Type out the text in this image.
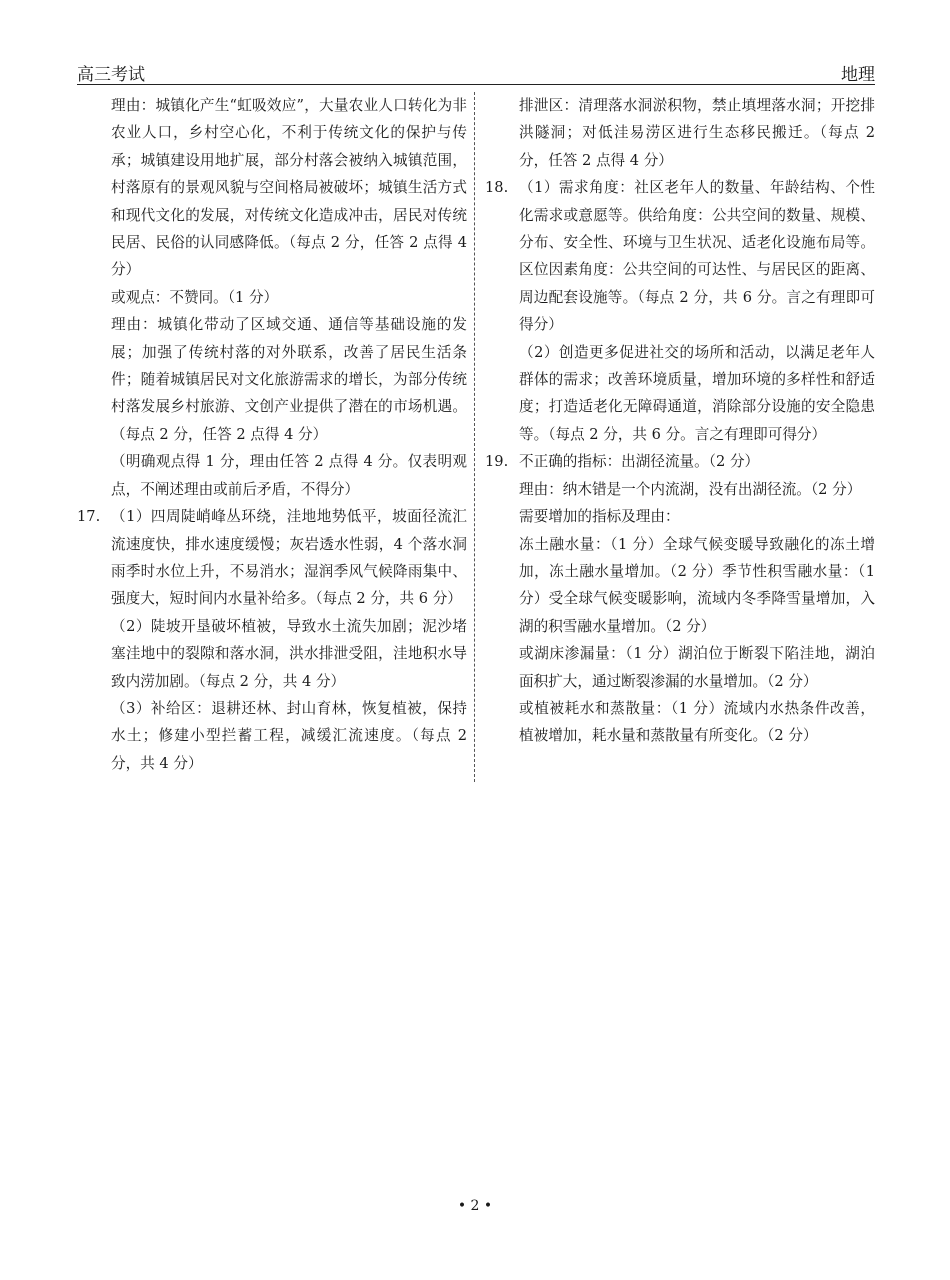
高三考试	地理

理由：城镇化产生“虹吸效应”，大量农业人口转化为非农业人口，乡村空心化，不利于传统文化的保护与传承；城镇建设用地扩展，部分村落会被纳入城镇范围，村落原有的景观风貌与空间格局被破坏；城镇生活方式和现代文化的发展，对传统文化造成冲击，居民对传统民居、民俗的认同感降低。（每点 2 分，任答 2 点得 4 分）

或观点：不赞同。（1 分）

理由：城镇化带动了区域交通、通信等基础设施的发展；加强了传统村落的对外联系，改善了居民生活条件；随着城镇居民对文化旅游需求的增长，为部分传统村落发展乡村旅游、文创产业提供了潜在的市场机遇。（每点 2 分，任答 2 点得 4 分）

（明确观点得 1 分，理由任答 2 点得 4 分。仅表明观点，不阐述理由或前后矛盾，不得分）

17. （1）四周陡峭峰丛环绕，洼地地势低平，坡面径流汇流速度快，排水速度缓慢；灰岩透水性弱，4 个落水洞雨季时水位上升，不易消水；湿润季风气候降雨集中、强度大，短时间内水量补给多。（每点 2 分，共 6 分）

（2）陡坡开垦破坏植被，导致水土流失加剧；泥沙堵塞洼地中的裂隙和落水洞，洪水排泄受阻，洼地积水导致内涝加剧。（每点 2 分，共 4 分）

（3）补给区：退耕还林、封山育林，恢复植被，保持水土；修建小型拦蓄工程，减缓汇流速度。（每点 2 分，共 4 分）

排泄区：清理落水洞淤积物，禁止填埋落水洞；开挖排洪隧洞；对低洼易涝区进行生态移民搬迁。（每点 2 分，任答 2 点得 4 分）

18. （1）需求角度：社区老年人的数量、年龄结构、个性化需求或意愿等。供给角度：公共空间的数量、规模、分布、安全性、环境与卫生状况、适老化设施布局等。区位因素角度：公共空间的可达性、与居民区的距离、周边配套设施等。（每点 2 分，共 6 分。言之有理即可得分）

（2）创造更多促进社交的场所和活动，以满足老年人群体的需求；改善环境质量，增加环境的多样性和舒适度；打造适老化无障碍通道，消除部分设施的安全隐患等。（每点 2 分，共 6 分。言之有理即可得分）

19. 不正确的指标：出湖径流量。（2 分）

理由：纳木错是一个内流湖，没有出湖径流。（2 分）

需要增加的指标及理由：

冻土融水量：（1 分）全球气候变暖导致融化的冻土增加，冻土融水量增加。（2 分）季节性积雪融水量：（1 分）受全球气候变暖影响，流域内冬季降雪量增加，入湖的积雪融水量增加。（2 分）

或湖床渗漏量：（1 分）湖泊位于断裂下陷洼地，湖泊面积扩大，通过断裂渗漏的水量增加。（2 分）

或植被耗水和蒸散量：（1 分）流域内水热条件改善，植被增加，耗水量和蒸散量有所变化。（2 分）

• 2 •
